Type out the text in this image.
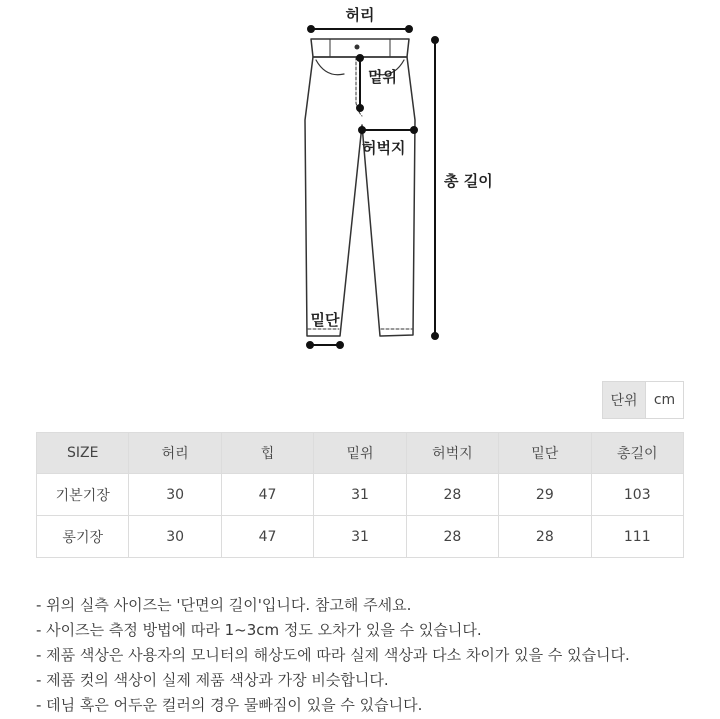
허리
밑위
허벅지
밑단
총 길이
단위	cm
SIZE	허리	힙	밑위	허벅지	밑단	총길이
기본기장	30	47	31	28	29	103
롱기장	30	47	31	28	28	111
- 위의 실측 사이즈는 '단면의 길이'입니다. 참고해 주세요.
- 사이즈는 측정 방법에 따라 1~3cm 정도 오차가 있을 수 있습니다.
- 제품 색상은 사용자의 모니터의 해상도에 따라 실제 색상과 다소 차이가 있을 수 있습니다.
- 제품 컷의 색상이 실제 제품 색상과 가장 비슷합니다.
- 데님 혹은 어두운 컬러의 경우 물빠짐이 있을 수 있습니다.
